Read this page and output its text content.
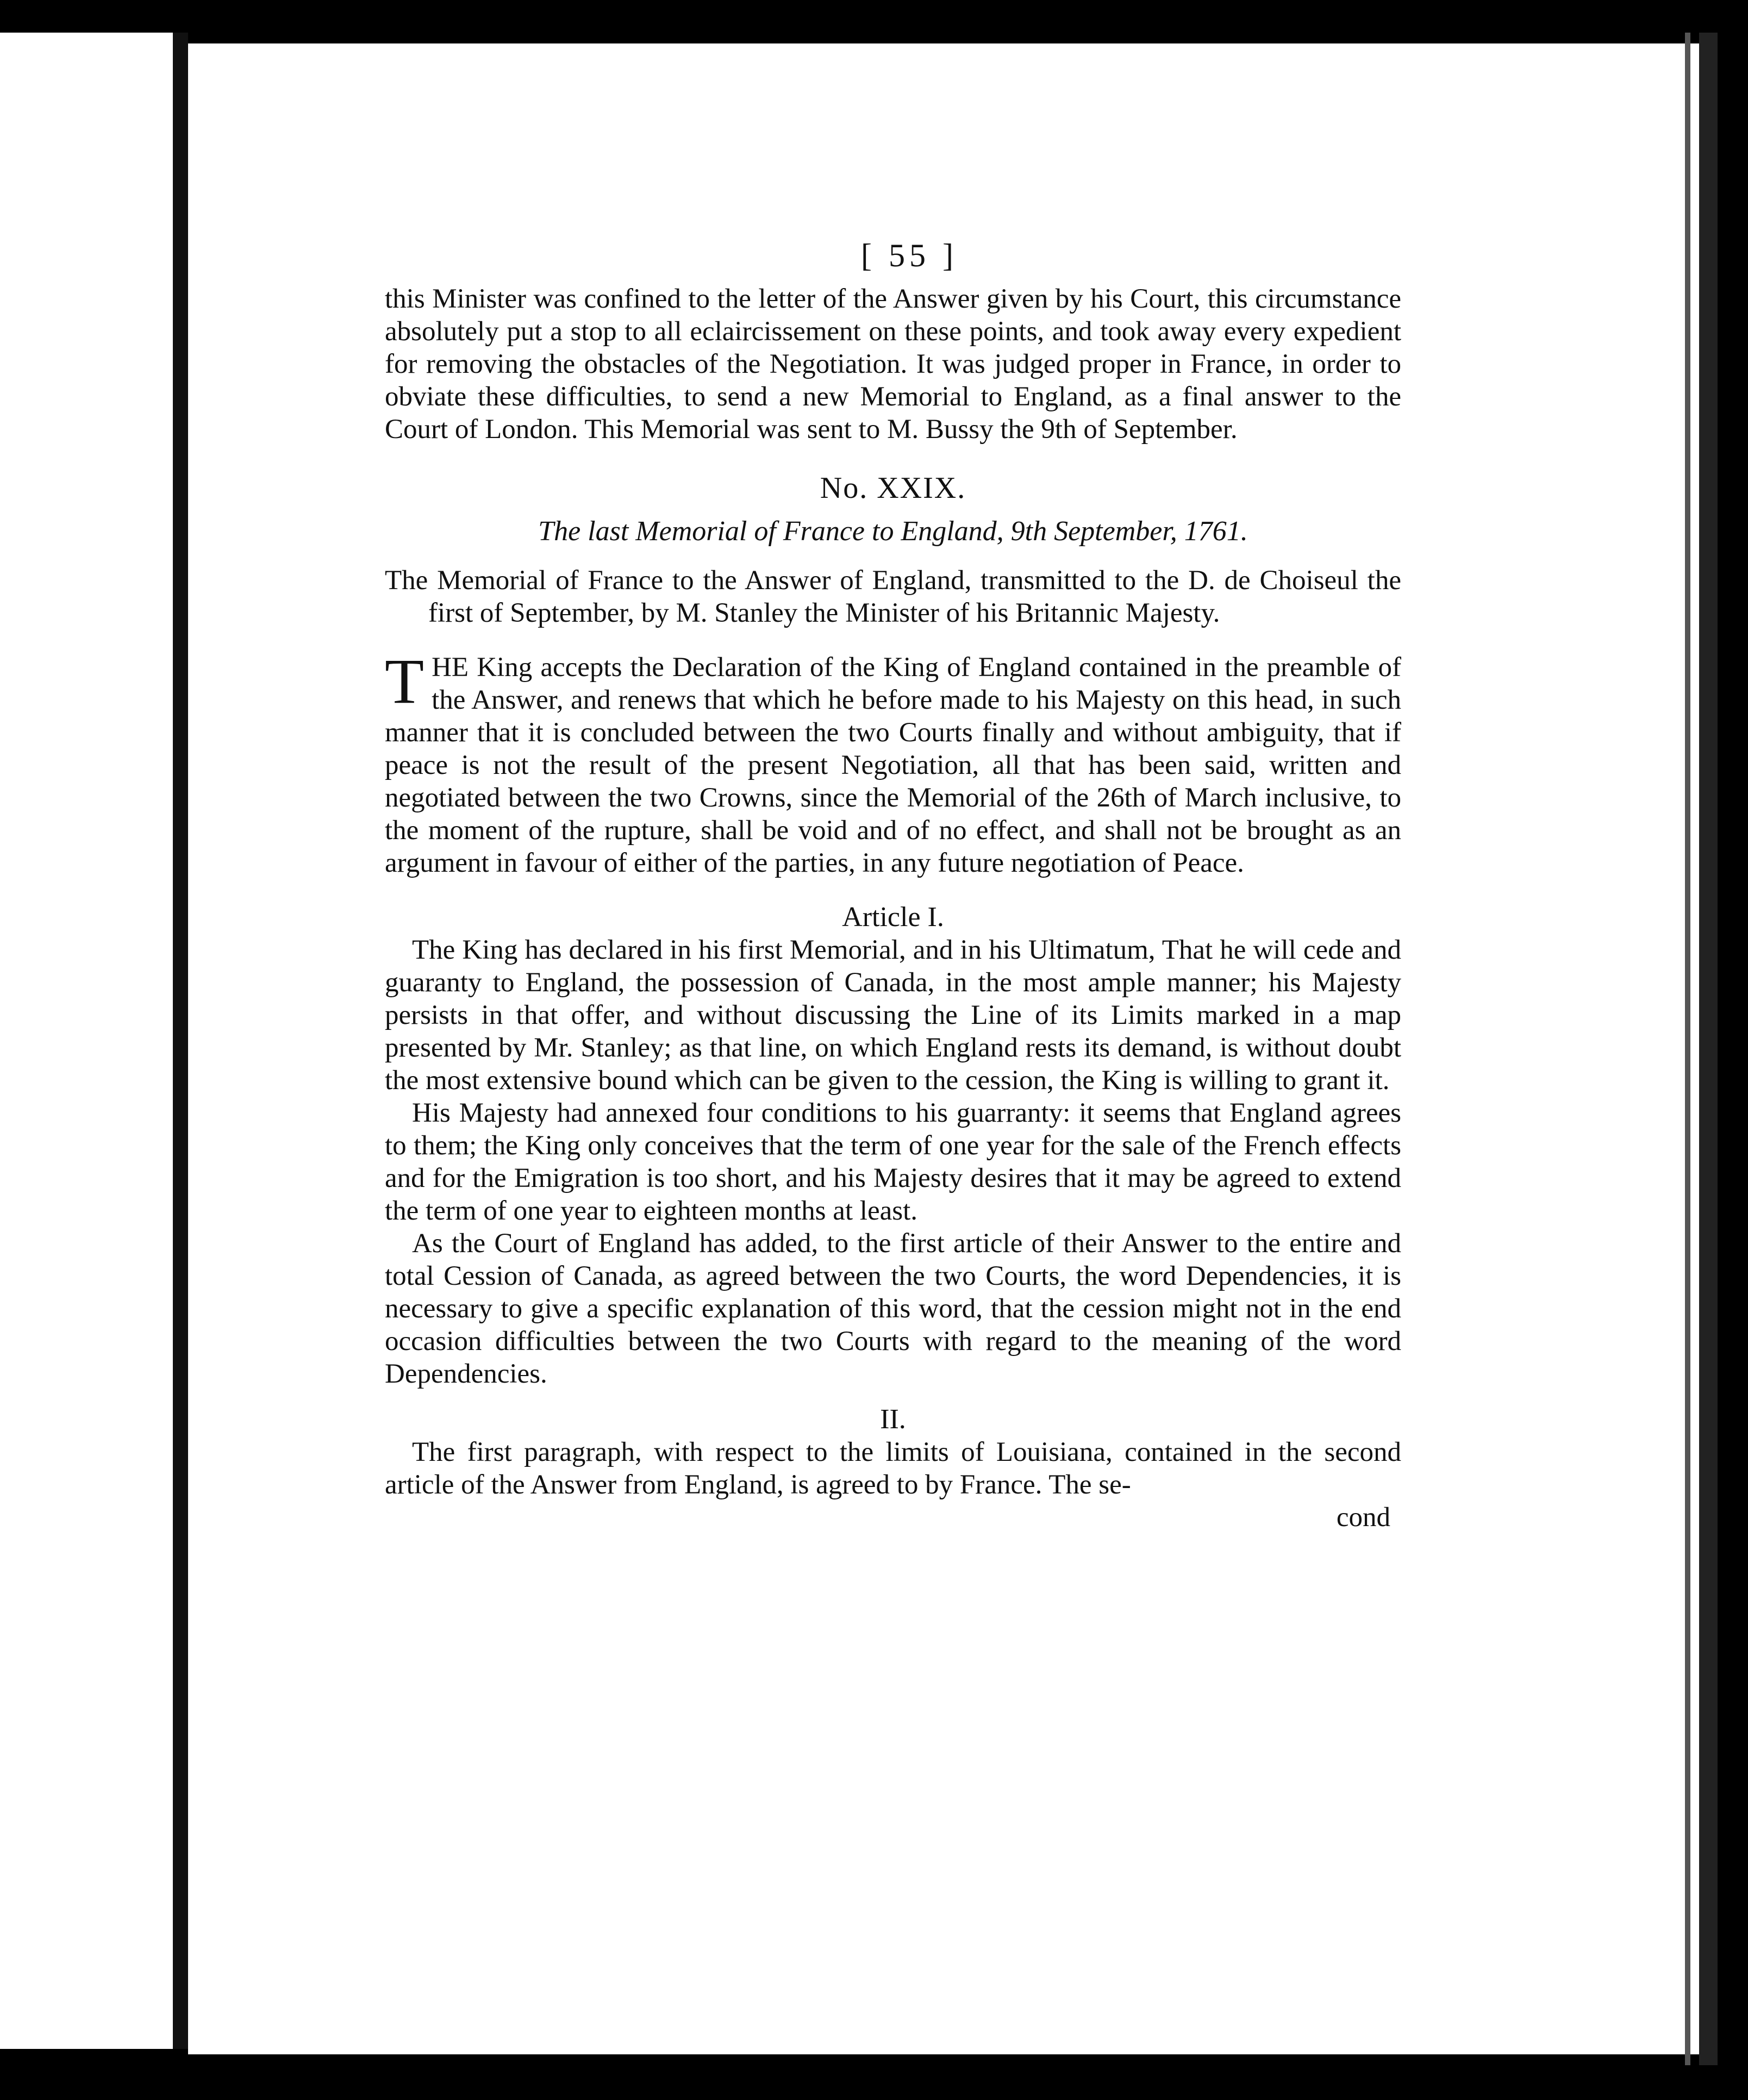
[ 55 ]

this Minister was confined to the letter of the Answer given by his Court, this circumstance absolutely put a stop to all eclaircissement on these points, and took away every expedient for removing the obstacles of the Negotiation. It was judged proper in France, in order to obviate these difficulties, to send a new Memorial to England, as a final answer to the Court of London. This Memorial was sent to M. Bussy the 9th of September.

No. XXIX.
The last Memorial of France to England, 9th September, 1761.

The Memorial of France to the Answer of England, transmitted to the D. de Choiseul the first of September, by M. Stanley the Minister of his Britannic Majesty.

T HE King accepts the Declaration of the King of England contained in the preamble of the Answer, and renews that which he before made to his Majesty on this head, in such manner that it is concluded between the two Courts finally and without ambiguity, that if peace is not the result of the present Negotiation, all that has been said, written and negotiated between the two Crowns, since the Memorial of the 26th of March inclusive, to the moment of the rupture, shall be void and of no effect, and shall not be brought as an argument in favour of either of the parties, in any future negotiation of Peace.

Article I.

The King has declared in his first Memorial, and in his Ultimatum, That he will cede and guaranty to England, the possession of Canada, in the most ample manner; his Majesty persists in that offer, and without discussing the Line of its Limits marked in a map presented by Mr. Stanley; as that line, on which England rests its demand, is without doubt the most extensive bound which can be given to the cession, the King is willing to grant it.

His Majesty had annexed four conditions to his guarranty: it seems that England agrees to them; the King only conceives that the term of one year for the sale of the French effects and for the Emigration is too short, and his Majesty desires that it may be agreed to extend the term of one year to eighteen months at least.

As the Court of England has added, to the first article of their Answer to the entire and total Cession of Canada, as agreed between the two Courts, the word Dependencies, it is necessary to give a specific explanation of this word, that the cession might not in the end occasion difficulties between the two Courts with regard to the meaning of the word Dependencies.

II.

The first paragraph, with respect to the limits of Louisiana, contained in the second article of the Answer from England, is agreed to by France. The se-

cond
